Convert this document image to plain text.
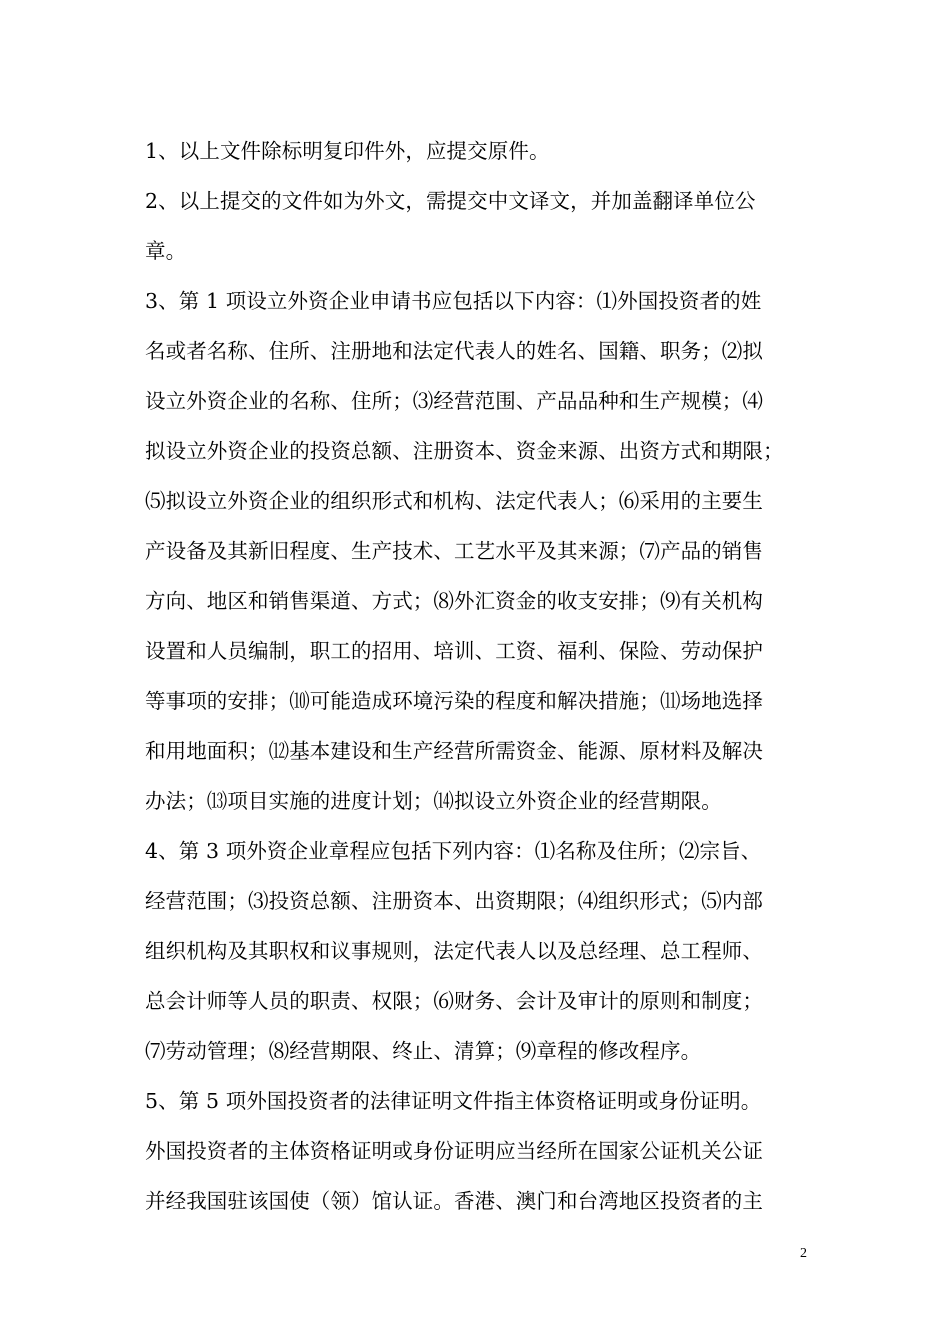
1、以上文件除标明复印件外，应提交原件。
2、以上提交的文件如为外文，需提交中文译文，并加盖翻译单位公
章。
3、第 1 项设立外资企业申请书应包括以下内容：⑴外国投资者的姓
名或者名称、住所、注册地和法定代表人的姓名、国籍、职务；⑵拟
设立外资企业的名称、住所；⑶经营范围、产品品种和生产规模；⑷
拟设立外资企业的投资总额、注册资本、资金来源、出资方式和期限；
⑸拟设立外资企业的组织形式和机构、法定代表人；⑹采用的主要生
产设备及其新旧程度、生产技术、工艺水平及其来源；⑺产品的销售
方向、地区和销售渠道、方式；⑻外汇资金的收支安排；⑼有关机构
设置和人员编制，职工的招用、培训、工资、福利、保险、劳动保护
等事项的安排；⑽可能造成环境污染的程度和解决措施；⑾场地选择
和用地面积；⑿基本建设和生产经营所需资金、能源、原材料及解决
办法；⒀项目实施的进度计划；⒁拟设立外资企业的经营期限。
4、第 3 项外资企业章程应包括下列内容：⑴名称及住所；⑵宗旨、
经营范围；⑶投资总额、注册资本、出资期限；⑷组织形式；⑸内部
组织机构及其职权和议事规则，法定代表人以及总经理、总工程师、
总会计师等人员的职责、权限；⑹财务、会计及审计的原则和制度；
⑺劳动管理；⑻经营期限、终止、清算；⑼章程的修改程序。
5、第 5 项外国投资者的法律证明文件指主体资格证明或身份证明。
外国投资者的主体资格证明或身份证明应当经所在国家公证机关公证
并经我国驻该国使（领）馆认证。香港、澳门和台湾地区投资者的主
2
